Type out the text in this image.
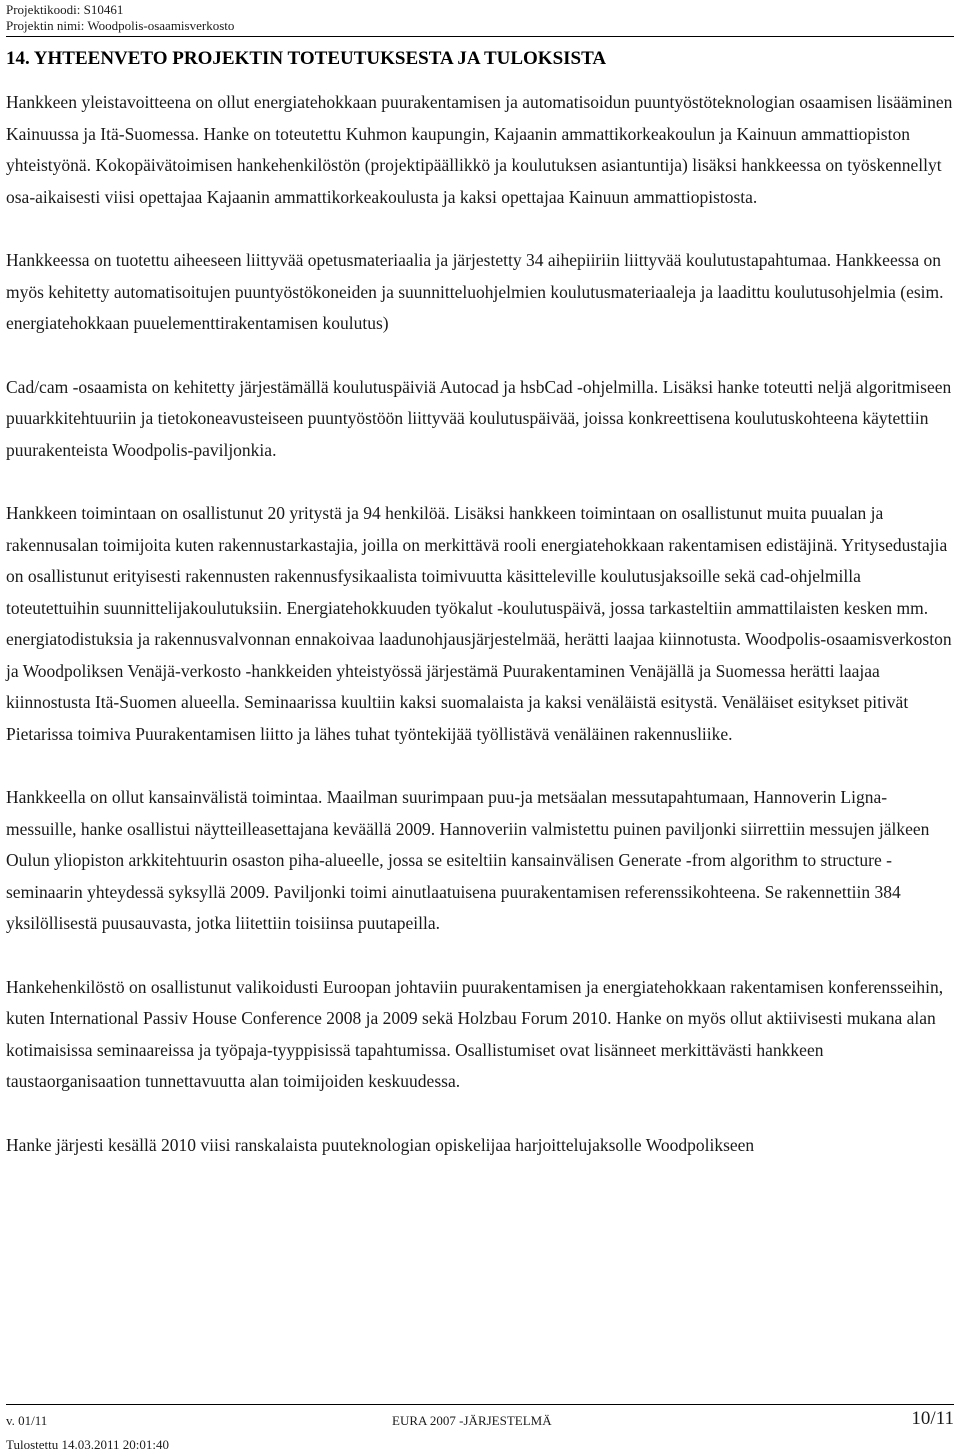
Projektikoodi: S10461
Projektin nimi: Woodpolis-osaamisverkosto
14. YHTEENVETO PROJEKTIN TOTEUTUKSESTA JA TULOKSISTA

Hankkeen yleistavoitteena on ollut energiatehokkaan puurakentamisen ja automatisoidun puuntyöstöteknologian osaamisen lisääminen Kainuussa ja Itä-Suomessa. Hanke on toteutettu Kuhmon kaupungin, Kajaanin ammattikorkeakoulun ja Kainuun ammattiopiston yhteistyönä. Kokopäivätoimisen hankehenkilöstön (projektipäällikkö ja koulutuksen asiantuntija) lisäksi hankkeessa on työskennellyt osa-aikaisesti viisi opettajaa Kajaanin ammattikorkeakoulusta ja kaksi opettajaa Kainuun ammattiopistosta.

Hankkeessa on tuotettu aiheeseen liittyvää opetusmateriaalia ja järjestetty 34 aihepiiriin liittyvää koulutustapahtumaa. Hankkeessa on myös kehitetty automatisoitujen puuntyöstökoneiden ja suunnitteluohjelmien koulutusmateriaaleja ja laadittu koulutusohjelmia (esim. energiatehokkaan puuelementtirakentamisen koulutus)

Cad/cam -osaamista on kehitetty järjestämällä koulutuspäiviä Autocad ja hsbCad -ohjelmilla. Lisäksi hanke toteutti neljä algoritmiseen puuarkkitehtuuriin ja tietokoneavusteiseen puuntyöstöön liittyvää koulutuspäivää, joissa konkreettisena koulutuskohteena käytettiin puurakenteista Woodpolis-paviljonkia.

Hankkeen toimintaan on osallistunut 20 yritystä ja 94 henkilöä. Lisäksi hankkeen toimintaan on osallistunut muita puualan ja rakennusalan toimijoita kuten rakennustarkastajia, joilla on merkittävä rooli energiatehokkaan rakentamisen edistäjinä. Yritysedustajia on osallistunut erityisesti rakennusten rakennusfysikaalista toimivuutta käsitteleville koulutusjaksoille sekä cad-ohjelmilla toteutettuihin suunnittelijakoulutuksiin. Energiatehokkuuden työkalut -koulutuspäivä, jossa tarkasteltiin ammattilaisten kesken mm. energiatodistuksia ja rakennusvalvonnan ennakoivaa laadunohjausjärjestelmää, herätti laajaa kiinnotusta. Woodpolis-osaamisverkoston ja Woodpoliksen Venäjä-verkosto -hankkeiden yhteistyössä järjestämä Puurakentaminen Venäjällä ja Suomessa herätti laajaa kiinnostusta Itä-Suomen alueella. Seminaarissa kuultiin kaksi suomalaista ja kaksi venäläistä esitystä. Venäläiset esitykset pitivät Pietarissa toimiva Puurakentamisen liitto ja lähes tuhat työntekijää työllistävä venäläinen rakennusliike.

Hankkeella on ollut kansainvälistä toimintaa. Maailman suurimpaan puu-ja metsäalan messutapahtumaan, Hannoverin Ligna-messuille, hanke osallistui näytteilleasettajana keväällä 2009. Hannoveriin valmistettu puinen paviljonki siirrettiin messujen jälkeen Oulun yliopiston arkkitehtuurin osaston piha-alueelle, jossa se esiteltiin kansainvälisen Generate -from algorithm to structure -seminaarin yhteydessä syksyllä 2009. Paviljonki toimi ainutlaatuisena puurakentamisen referenssikohteena. Se rakennettiin 384 yksilöllisestä puusauvasta, jotka liitettiin toisiinsa puutapeilla.

Hankehenkilöstö on osallistunut valikoidusti Euroopan johtaviin puurakentamisen ja energiatehokkaan rakentamisen konferensseihin, kuten International Passiv House Conference 2008 ja 2009 sekä Holzbau Forum 2010. Hanke on myös ollut aktiivisesti mukana alan kotimaisissa seminaareissa ja työpaja-tyyppisissä tapahtumissa. Osallistumiset ovat lisänneet merkittävästi hankkeen taustaorganisaation tunnettavuutta alan toimijoiden keskuudessa.

Hanke järjesti kesällä 2010 viisi ranskalaista puuteknologian opiskelijaa harjoittelujaksolle Woodpolikseen

v. 01/11
Tulostettu 14.03.2011 20:01:40
EURA 2007 -JÄRJESTELMÄ	10/11
